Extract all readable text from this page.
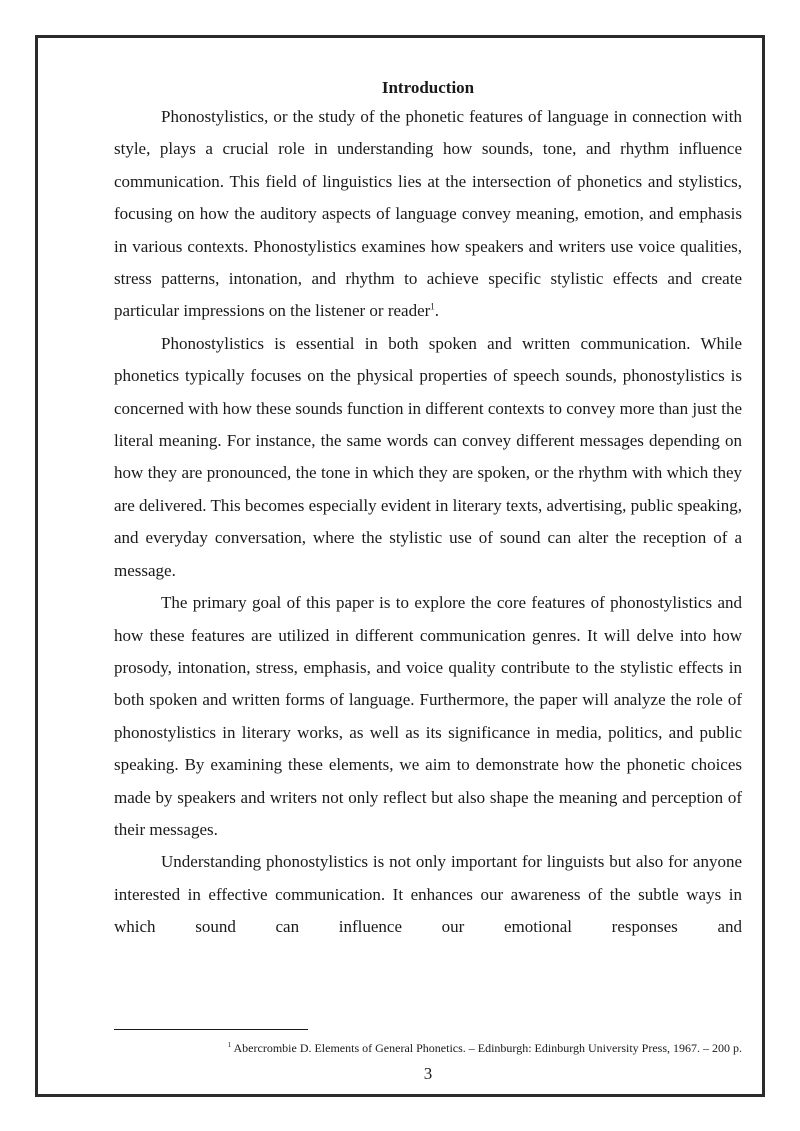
Introduction

Phonostylistics, or the study of the phonetic features of language in connection with style, plays a crucial role in understanding how sounds, tone, and rhythm influence communication. This field of linguistics lies at the intersection of phonetics and stylistics, focusing on how the auditory aspects of language convey meaning, emotion, and emphasis in various contexts. Phonostylistics examines how speakers and writers use voice qualities, stress patterns, intonation, and rhythm to achieve specific stylistic effects and create particular impressions on the listener or reader$^1$.

Phonostylistics is essential in both spoken and written communication. While phonetics typically focuses on the physical properties of speech sounds, phonostylistics is concerned with how these sounds function in different contexts to convey more than just the literal meaning. For instance, the same words can convey different messages depending on how they are pronounced, the tone in which they are spoken, or the rhythm with which they are delivered. This becomes especially evident in literary texts, advertising, public speaking, and everyday conversation, where the stylistic use of sound can alter the reception of a message.

The primary goal of this paper is to explore the core features of phonostylistics and how these features are utilized in different communication genres. It will delve into how prosody, intonation, stress, emphasis, and voice quality contribute to the stylistic effects in both spoken and written forms of language. Furthermore, the paper will analyze the role of phonostylistics in literary works, as well as its significance in media, politics, and public speaking. By examining these elements, we aim to demonstrate how the phonetic choices made by speakers and writers not only reflect but also shape the meaning and perception of their messages.

Understanding phonostylistics is not only important for linguists but also for anyone interested in effective communication. It enhances our awareness of the subtle ways in which sound can influence our emotional responses and

$^1$ Abercrombie D. Elements of General Phonetics. – Edinburgh: Edinburgh University Press, 1967. – 200 p.
3
